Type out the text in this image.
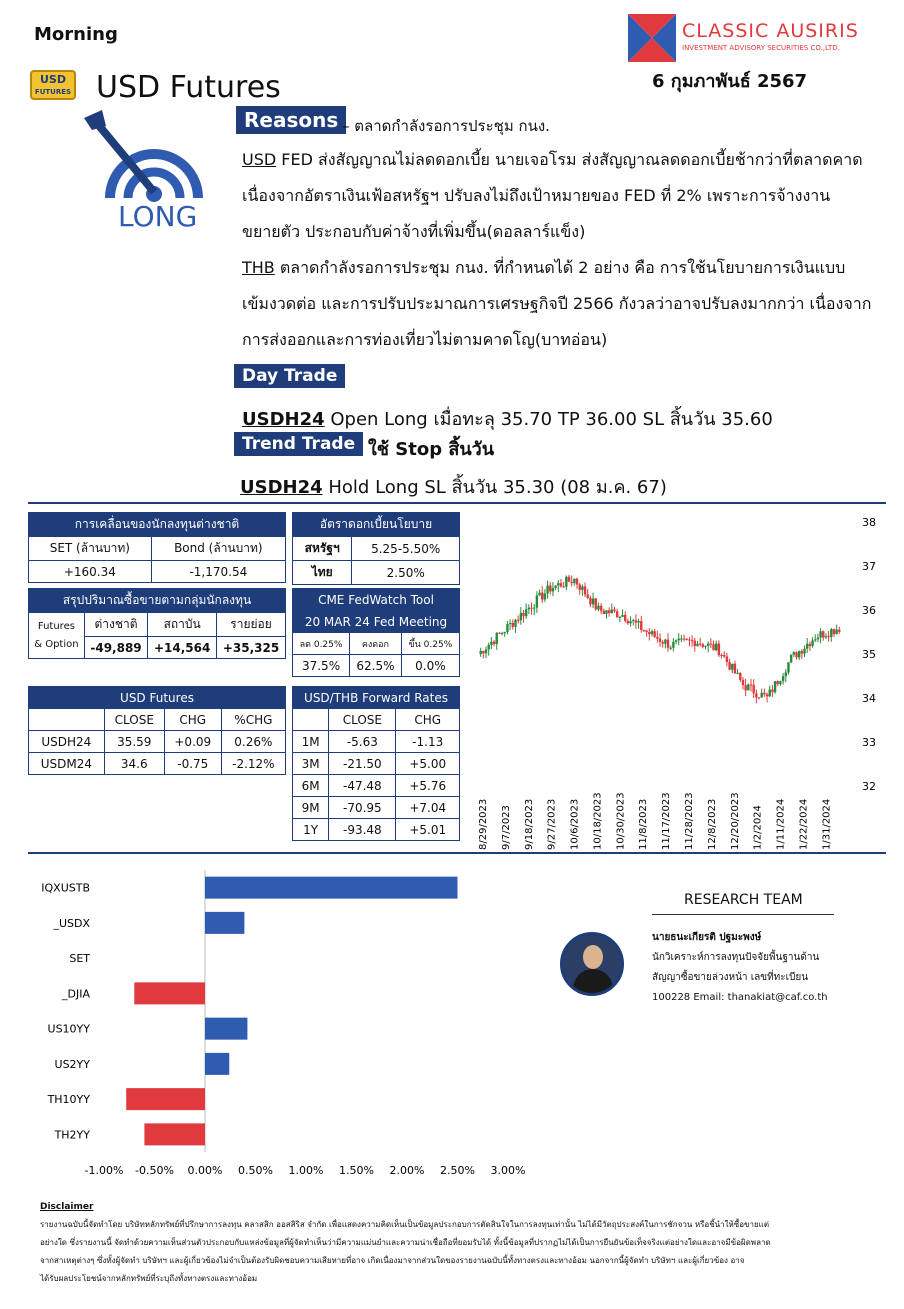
Morning
USD
FUTURES USD Futures
CLASSIC AUSIRIS
INVESTMENT ADVISORY SECURITIES CO.,LTD.
6 กุมภาพันธ์ 2567
LONG
Reasons – ตลาดกำลังรอการประชุม กนง.
USD FED ส่งสัญญาณไม่ลดดอกเบี้ย นายเจอโรม ส่งสัญญาณลดดอกเบี้ยช้ากว่าที่ตลาดคาด
เนื่องจากอัตราเงินเฟ้อสหรัฐฯ ปรับลงไม่ถึงเป้าหมายของ FED ที่ 2% เพราะการจ้างงาน
ขยายตัว ประกอบกับค่าจ้างที่เพิ่มขึ้น(ดอลลาร์แข็ง)
THB ตลาดกำลังรอการประชุม กนง. ที่กำหนดได้ 2 อย่าง คือ การใช้นโยบายการเงินแบบ
เข้มงวดต่อ และการปรับประมาณการเศรษฐกิจปี 2566 กังวลว่าอาจปรับลงมากกว่า เนื่องจาก
การส่งออกและการท่องเที่ยวไม่ตามคาดโญ(บาทอ่อน)
Day Trade
USDH24 Open Long เมื่อทะลุ 35.70 TP 36.00 SL สิ้นวัน 35.60
Trend Trade ใช้ Stop สิ้นวัน
USDH24 Hold Long SL สิ้นวัน 35.30 (08 ม.ค. 67)
การเคลื่อนของนักลงทุนต่างชาติ	
SET (ล้านบาท)	Bond (ล้านบาท)
+160.34	-1,170.54
อัตราดอกเบี้ยนโยบาย	
สหรัฐฯ	5.25-5.50%
ไทย	2.50%
สรุปปริมาณซื้อขายตามกลุ่มนักลงทุน			

Futures
& Option	ต่างชาติ	สถาบัน	รายย่อย
	-49,889	+14,564	+35,325
CME FedWatch Tool		
20 MAR 24 Fed Meeting		
ลด 0.25%	คงดอก	ขึ้น 0.25%
37.5%	62.5%	0.0%
USD Futures			
	CLOSE	CHG	%CHG
USDH24	35.59	+0.09	0.26%
USDM24	34.6	-0.75	-2.12%
USD/THB Forward Rates		
	CLOSE	CHG
1M	-5.63	-1.13
3M	-21.50	+5.00
6M	-47.48	+5.76
9M	-70.95	+7.04
1Y	-93.48	+5.01
38
37
36
35
34
33
32
8/29/2023 9/7/2023 9/18/2023 9/27/2023 10/6/2023 10/18/2023 10/30/2023 11/8/2023 11/17/2023 11/28/2023 12/8/2023 12/20/2023 1/2/2024 1/11/2024 1/22/2024 1/31/2024
IQXUSTB
_USDX
SET
_DJIA
US10YY
US2YY
TH10YY
TH2YY
-1.00% -0.50% 0.00% 0.50% 1.00% 1.50% 2.00% 2.50% 3.00%
RESEARCH TEAM
นายธนะเกียรติ ปฐมะพงษ์
นักวิเคราะห์การลงทุนปัจจัยพื้นฐานด้าน
สัญญาซื้อขายล่วงหน้า เลขที่ทะเบียน
100228 Email: thanakiat@caf.co.th
Disclaimer
รายงานฉบับนี้จัดทำโดย บริษัทหลักทรัพย์ที่ปรึกษาการลงทุน คลาสสิก ออสสิริส จำกัด เพื่อแสดงความคิดเห็นเป็นข้อมูลประกอบการตัดสินใจในการลงทุนเท่านั้น ไม่ได้มีวัตถุประสงค์ในการชักจวน หรือชี้นำให้ซื้อขายแต่
อย่างใด ซึ่งรายงานนี้ จัดทำด้วยความเห็นส่วนตัวประกอบกับแหล่งข้อมูลที่ผู้จัดทำเห็นว่ามีความแม่นยำและความน่าเชื่อถือที่ยอมรับได้ ทั้งนี้ข้อมูลที่ปรากฏไม่ได้เป็นการยืนยันข้อเท็จจริงแต่อย่างใดและอาจมีข้อผิดพลาด
จากสาเหตุต่างๆ ซึ่งทั้งผู้จัดทำ บริษัทฯ และผู้เกี่ยวข้องไม่จำเป็นต้องรับผิดชอบความเสียหายที่อาจ เกิดเนื่องมาจากส่วนใดของรายงานฉบับนี้ทั้งทางตรงและทางอ้อม นอกจากนี้ผู้จัดทำ บริษัทฯ และผู้เกี่ยวข้อง อาจ
ได้รับผลประโยชน์จากหลักทรัพย์ที่ระบุถึงทั้งทางตรงและทางอ้อม
